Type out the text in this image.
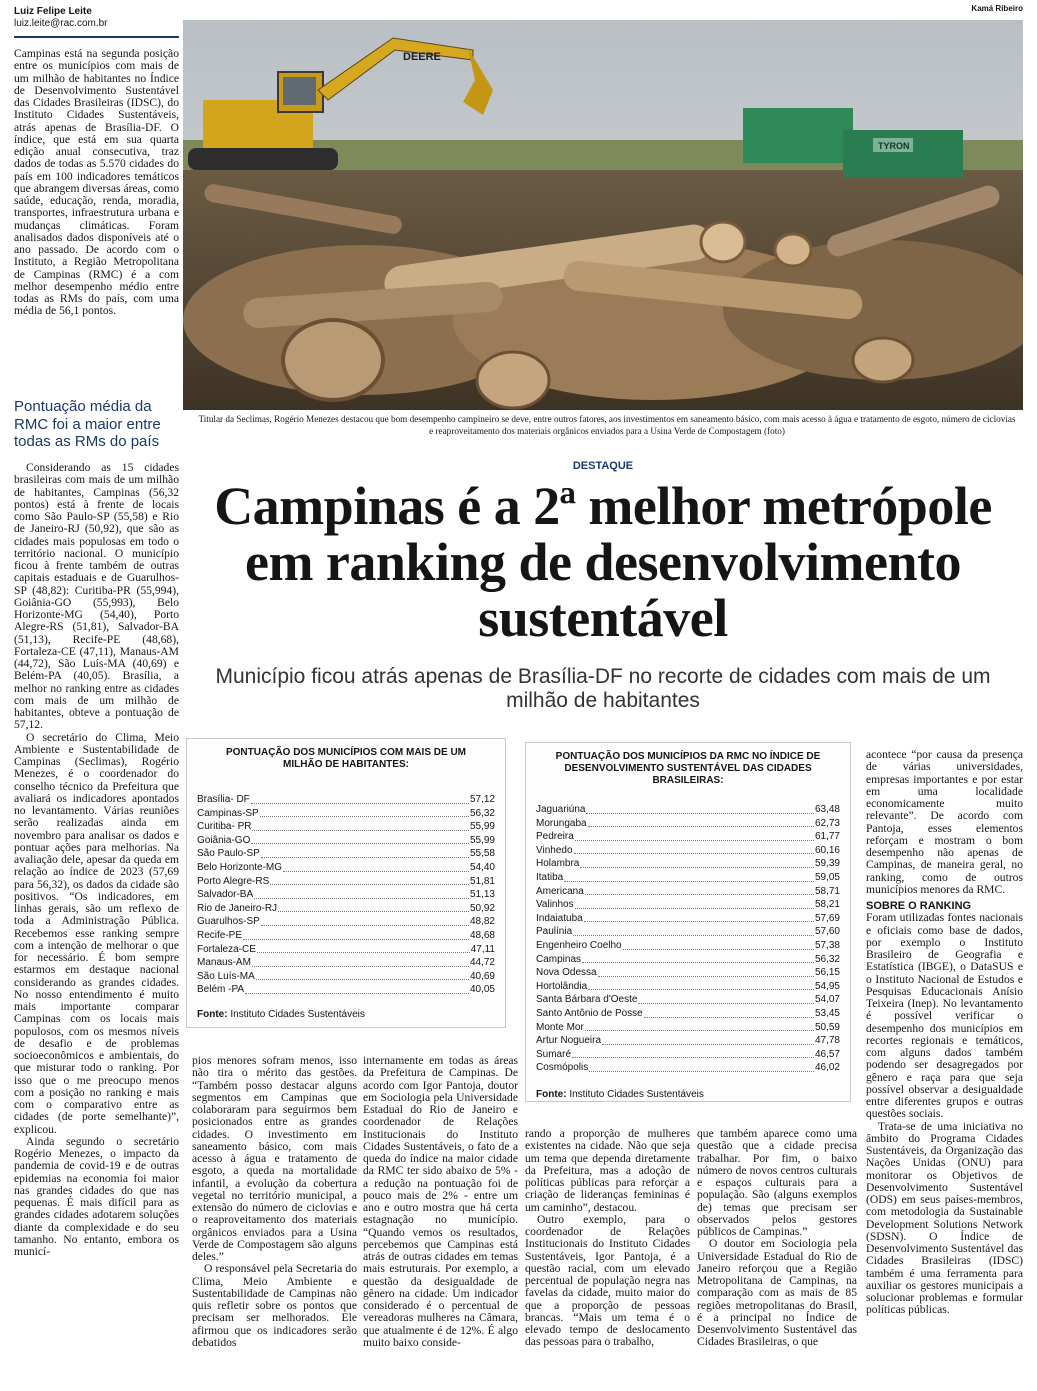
Luiz Felipe Leite
luiz.leite@rac.com.br
Kamá Ribeiro

Campinas está na segunda posição entre os municípios com mais de um milhão de habitantes no Índice de Desenvolvimento Sustentável das Cidades Brasileiras (IDSC), do Instituto Cidades Sustentáveis, atrás apenas de Brasília-DF. O índice, que está em sua quarta edição anual consecutiva, traz dados de todas as 5.570 cidades do país em 100 indicadores temáticos que abrangem diversas áreas, como saúde, educação, renda, moradia, transportes, infraestrutura urbana e mudanças climáticas. Foram analisados dados disponíveis até o ano passado. De acordo com o Instituto, a Região Metropolitana de Campinas (RMC) é a com melhor desempenho médio entre todas as RMs do país, com uma média de 56,1 pontos.

Pontuação média da RMC foi a maior entre todas as RMs do país

Considerando as 15 cidades brasileiras com mais de um milhão de habitantes, Campinas (56,32 pontos) está à frente de locais como São Paulo-SP (55,58) e Rio de Janeiro-RJ (50,92), que são as cidades mais populosas em todo o território nacional. O município ficou à frente também de outras capitais estaduais e de Guarulhos-SP (48,82): Curitiba-PR (55,994), Goiânia-GO (55,993), Belo Horizonte-MG (54,40), Porto Alegre-RS (51,81), Salvador-BA (51,13), Recife-PE (48,68), Fortaleza-CE (47,11), Manaus-AM (44,72), São Luís-MA (40,69) e Belém-PA (40,05). Brasília, a melhor no ranking entre as cidades com mais de um milhão de habitantes, obteve a pontuação de 57,12.

O secretário do Clima, Meio Ambiente e Sustentabilidade de Campinas (Seclimas), Rogério Menezes, é o coordenador do conselho técnico da Prefeitura que avaliará os indicadores apontados no levantamento. Várias reuniões serão realizadas ainda em novembro para analisar os dados e pontuar ações para melhorias. Na avaliação dele, apesar da queda em relação ao índice de 2023 (57,69 para 56,32), os dados da cidade são positivos. “Os indicadores, em linhas gerais, são um reflexo de toda a Administração Pública. Recebemos esse ranking sempre com a intenção de melhorar o que for necessário. É bom sempre estarmos em destaque nacional considerando as grandes cidades. No nosso entendimento é muito mais importante comparar Campinas com os locais mais populosos, com os mesmos níveis de desafio e de problemas socioeconômicos e ambientais, do que misturar todo o ranking. Por isso que o me preocupo menos com a posição no ranking e mais com o comparativo entre as cidades (de porte semelhante)”, explicou.

Ainda segundo o secretário Rogério Menezes, o impacto da pandemia de covid-19 e de outras epidemias na economia foi maior nas grandes cidades do que nas pequenas. É mais difícil para as grandes cidades adotarem soluções diante da complexidade e do seu tamanho. No entanto, embora os municí-

DEERE
TYRON
Titular da Seclimas, Rogério Menezes destacou que bom desempenho campineiro se deve, entre outros fatores, aos investimentos em saneamento básico, com mais acesso à água e tratamento de esgoto, número de ciclovias e reaproveitamento dos materiais orgânicos enviados para a Usina Verde de Compostagem (foto)
DESTAQUE
Campinas é a 2ª melhor metrópole em ranking de desenvolvimento sustentável
Município ficou atrás apenas de Brasília-DF no recorte de cidades com mais de um milhão de habitantes
PONTUAÇÃO DOS MUNICÍPIOS COM MAIS DE UM MILHÃO DE HABITANTES:
Brasília- DF	57,12
Campinas-SP	56,32
Curitiba- PR	55,99
Goiânia-GO	55,99
São Paulo-SP	55,58
Belo Horizonte-MG	54,40
Porto Alegre-RS	51,81
Salvador-BA	51,13
Rio de Janeiro-RJ	50,92
Guarulhos-SP	48,82
Recife-PE	48,68
Fortaleza-CE	47,11
Manaus-AM	44,72
São Luís-MA	40,69
Belém -PA	40,05
Fonte: Instituto Cidades Sustentáveis
PONTUAÇÃO DOS MUNICÍPIOS DA RMC NO ÍNDICE DE DESENVOLVIMENTO SUSTENTÁVEL DAS CIDADES BRASILEIRAS:
Jaguariúna	63,48
Morungaba	62,73
Pedreira	61,77
Vinhedo	60,16
Holambra	59,39
Itatiba	59,05
Americana	58,71
Valinhos	58,21
Indaiatuba	57,69
Paulínia	57,60
Engenheiro Coelho	57,38
Campinas	56,32
Nova Odessa	56,15
Hortolândia	54,95
Santa Bárbara d'Oeste	54,07
Santo Antônio de Posse	53,45
Monte Mor	50,59
Artur Nogueira	47,78
Sumaré	46,57
Cosmópolis	46,02
Fonte: Instituto Cidades Sustentáveis

pios menores sofram menos, isso não tira o mérito das gestões. “Também posso destacar alguns segmentos em Campinas que colaboraram para seguirmos bem posicionados entre as grandes cidades. O investimento em saneamento básico, com mais acesso à água e tratamento de esgoto, a queda na mortalidade infantil, a evolução da cobertura vegetal no território municipal, a extensão do número de ciclovias e o reaproveitamento dos materiais orgânicos enviados para a Usina Verde de Compostagem são alguns deles.”

O responsável pela Secretaria do Clima, Meio Ambiente e Sustentabilidade de Campinas não quis refletir sobre os pontos que precisam ser melhorados. Ele afirmou que os indicadores serão debatidos

internamente em todas as áreas da Prefeitura de Campinas. De acordo com Igor Pantoja, doutor em Sociologia pela Universidade Estadual do Rio de Janeiro e coordenador de Relações Institucionais do Instituto Cidades Sustentáveis, o fato de a queda do índice na maior cidade da RMC ter sido abaixo de 5% - a redução na pontuação foi de pouco mais de 2% - entre um ano e outro mostra que há certa estagnação no município. “Quando vemos os resultados, percebemos que Campinas está atrás de outras cidades em temas mais estruturais. Por exemplo, a questão da desigualdade de gênero na cidade. Um indicador considerado é o percentual de vereadoras mulheres na Câmara, que atualmente é de 12%. É algo muito baixo conside-

rando a proporção de mulheres existentes na cidade. Não que seja um tema que dependa diretamente da Prefeitura, mas a adoção de políticas públicas para reforçar a criação de lideranças femininas é um caminho”, destacou.

Outro exemplo, para o coordenador de Relações Institucionais do Instituto Cidades Sustentáveis, Igor Pantoja, é a questão racial, com um elevado percentual de população negra nas favelas da cidade, muito maior do que a proporção de pessoas brancas. “Mais um tema é o elevado tempo de deslocamento das pessoas para o trabalho,

que também aparece como uma questão que a cidade precisa trabalhar. Por fim, o baixo número de novos centros culturais e espaços culturais para a população. São (alguns exemplos de) temas que precisam ser observados pelos gestores públicos de Campinas.”

O doutor em Sociologia pela Universidade Estadual do Rio de Janeiro reforçou que a Região Metropolitana de Campinas, na comparação com as mais de 85 regiões metropolitanas do Brasil, é a principal no Índice de Desenvolvimento Sustentável das Cidades Brasileiras, o que

acontece “por causa da presença de várias universidades, empresas importantes e por estar em uma localidade economicamente muito relevante”. De acordo com Pantoja, esses elementos reforçam e mostram o bom desempenho não apenas de Campinas, de maneira geral, no ranking, como de outros municípios menores da RMC.

SOBRE O RANKING

Foram utilizadas fontes nacionais e oficiais como base de dados, por exemplo o Instituto Brasileiro de Geografia e Estatística (IBGE), o DataSUS e o Instituto Nacional de Estudos e Pesquisas Educacionais Anísio Teixeira (Inep). No levantamento é possível verificar o desempenho dos municípios em recortes regionais e temáticos, com alguns dados também podendo ser desagregados por gênero e raça para que seja possível observar a desigualdade entre diferentes grupos e outras questões sociais.

Trata-se de uma iniciativa no âmbito do Programa Cidades Sustentáveis, da Organização das Nações Unidas (ONU) para monitorar os Objetivos de Desenvolvimento Sustentável (ODS) em seus países-membros, com metodologia da Sustainable Development Solutions Network (SDSN). O Índice de Desenvolvimento Sustentável das Cidades Brasileiras (IDSC) também é uma ferramenta para auxiliar os gestores municipais a solucionar problemas e formular políticas públicas.
